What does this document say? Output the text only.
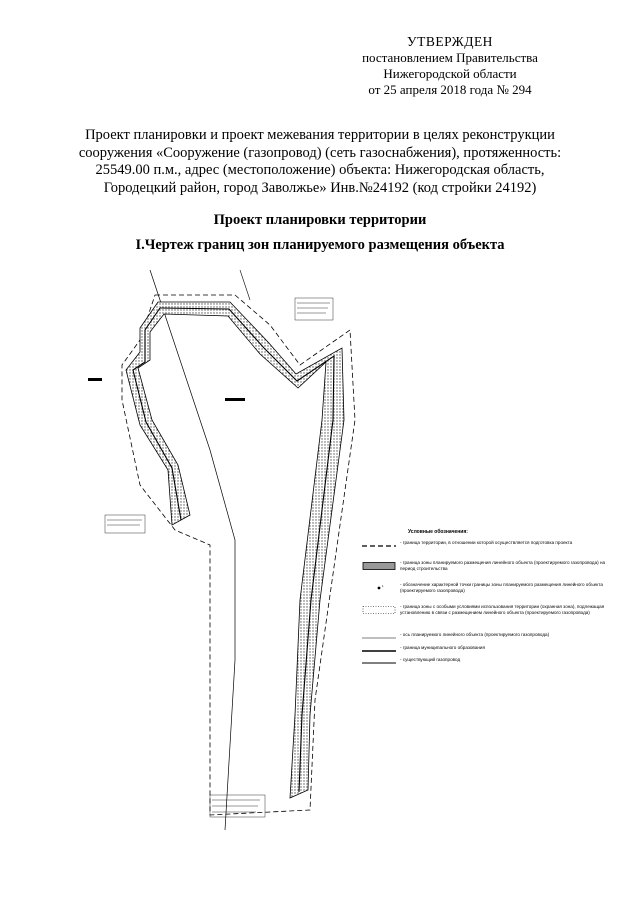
УТВЕРЖДЕН
постановлением Правительства
Нижегородской области
от 25 апреля 2018 года № 294
Проект планировки и проект межевания территории в целях реконструкции
сооружения «Сооружение (газопровод) (сеть газоснабжения), протяженность:
25549.00 п.м., адрес (местоположение) объекта: Нижегородская область,
Городецкий район, город Заволжье» Инв.№24192 (код стройки 24192)
Проект планировки территории
I.Чертеж границ зон планируемого размещения объекта
Условные обозначения:
- граница территории, в отношении которой осуществляется подготовка проекта
- граница зоны планируемого размещения линейного объекта (проектируемого газопровода) на период строительства
1	- обозначение характерной точки границы зоны планируемого размещения линейного объекта (проектируемого газопровода)
- граница зоны с особыми условиями использования территории (охранная зона), подлежащая установлению в связи с размещением линейного объекта (проектируемого газопровода)
- ось планируемого линейного объекта (проектируемого газопровода)
- граница муниципального образования
- существующий газопровод
